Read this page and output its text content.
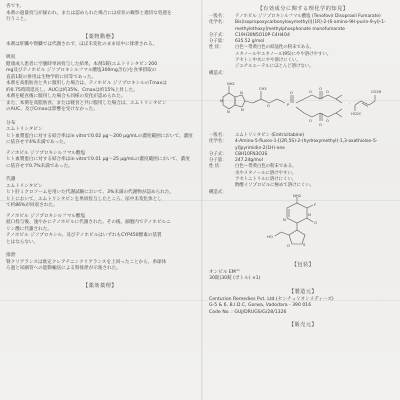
杏です。

本剤の過量投与が疑われ、または認められた場合には症状の観察と適切な処置を

行うこと。

【薬物動態】

本剤は肝臓や腎臓では代謝されず、ほぼ未変化のまま尿中に排泄される。

吸収

健康成人患者に空腹時単回投与した結果、本剤1錠(エムトリシタビン200

mg及びテノホビル ジソプロキシルフマル酸塩300mg含む)を食事摂取の

直前1錠の併用は生物学的に同等であった。

本剤を高脂肪食と共に服用した場合は、テノホビル ジソプロキシルのTmaxは

約0.75時間延長し、AUCは約35%、Cmaxは約15%上昇した。

本剤を軽食後に服用した場合も同様の変化が認められた。

また、本剤を高脂肪食、または軽食と共に服用した場合は、エムトリシタビン

のAUC、及びCmaxは影響を受けなかった。

分布

エムトリシタビン

ヒト血漿蛋白に対する結合率はin vitroで0.02 μg～200 μg/mLの濃度範囲において、濃度

に依存せず4%未満であった。

テノホビル ジソプロキシルフマル酸塩

ヒト血漿蛋白に対する結合率はin vitroで0.01 μg～25 μg/mLの濃度範囲において、濃度

に依存せず0.7%未満であった。

代謝

エムトリシタビン

ヒト肝ミクロソームを用いた代謝試験において、3%未満の代謝物が認められた。

ヒトにおいて、エムトリシタビンを単回投与したところ、尿中未変化体とし

て約86%が回収された。

テノホビル ジソプロキシルフマル酸塩

経口投与後、速やかにテノホビルに代謝された。その後、細胞内でテノホビルニ

リン酸に代謝された。

テノホビル ジソプロキシル、及びテノホビルはいずれもCYP450酵素の基質

とはならない。

排泄

腎クリアランスは推定クレアチニンクリアランスを上回ったことから、糸球体

ろ過と尿細管への能動輸送による腎排泄が示唆された。

【薬効薬理】
【有効成分に関する理化学的知見】
一般名：	テノホビル ジソプロキシルフマル酸塩 (Tenofovir Disoproxil Fumarate)
化学名：	Bis(isopropoxycarbonyloxymethyl)[(1R)-2-(6-amino-9H-purin-9-yl)-1-methylethoxy]methylphosphonate monofumarate
分子式：	C19H30N5O10P·C4H4O4
分子量：	635.52 g/mol
性 状：	白色～帯黄白色の結晶性の粉末である。
メタノールやエタノール(95)にやや溶けやすい。
アセトン中水にやや溶けにくい。
ジエチルエーテルにほとんど溶けない。
構造式：
NH2
N
N
N
N
CH3
O	P
O	O
O
O
O
O
O
·
HO2C
CO2H
一般名：	エムトリシタビン (Emtricitabine)
化学名：	4-Amino-5-fluoro-1-[(2R,5S)-2-(hydroxymethyl)-1,3-oxathiolan-5-yl]pyrimidin-2(1H)-one
分子式：	C8H10FN3O3S
分子量：	247.24g/mol
性 状：	白色～帯黄白色の粉末である。
水やメタノールに溶けやすい。
アセトニトリルに溶けにくい。
酢酸イソプロピルに極めて溶けにくい。
構造式：
NH2
F
N
N
O
S
O
HO
【包装】

オンビル EM™

30錠(30錠 (ボトル) ×1)

【製造元】

Centurion Remedies Pvt. Ltd.(センチュリオンメディーズ)

G-5 & 6, B.I.D.C, Gorwa, Vadodara - 390 016

Code No. : GUJ/DRUGS/G/28/1326

【販売元】
